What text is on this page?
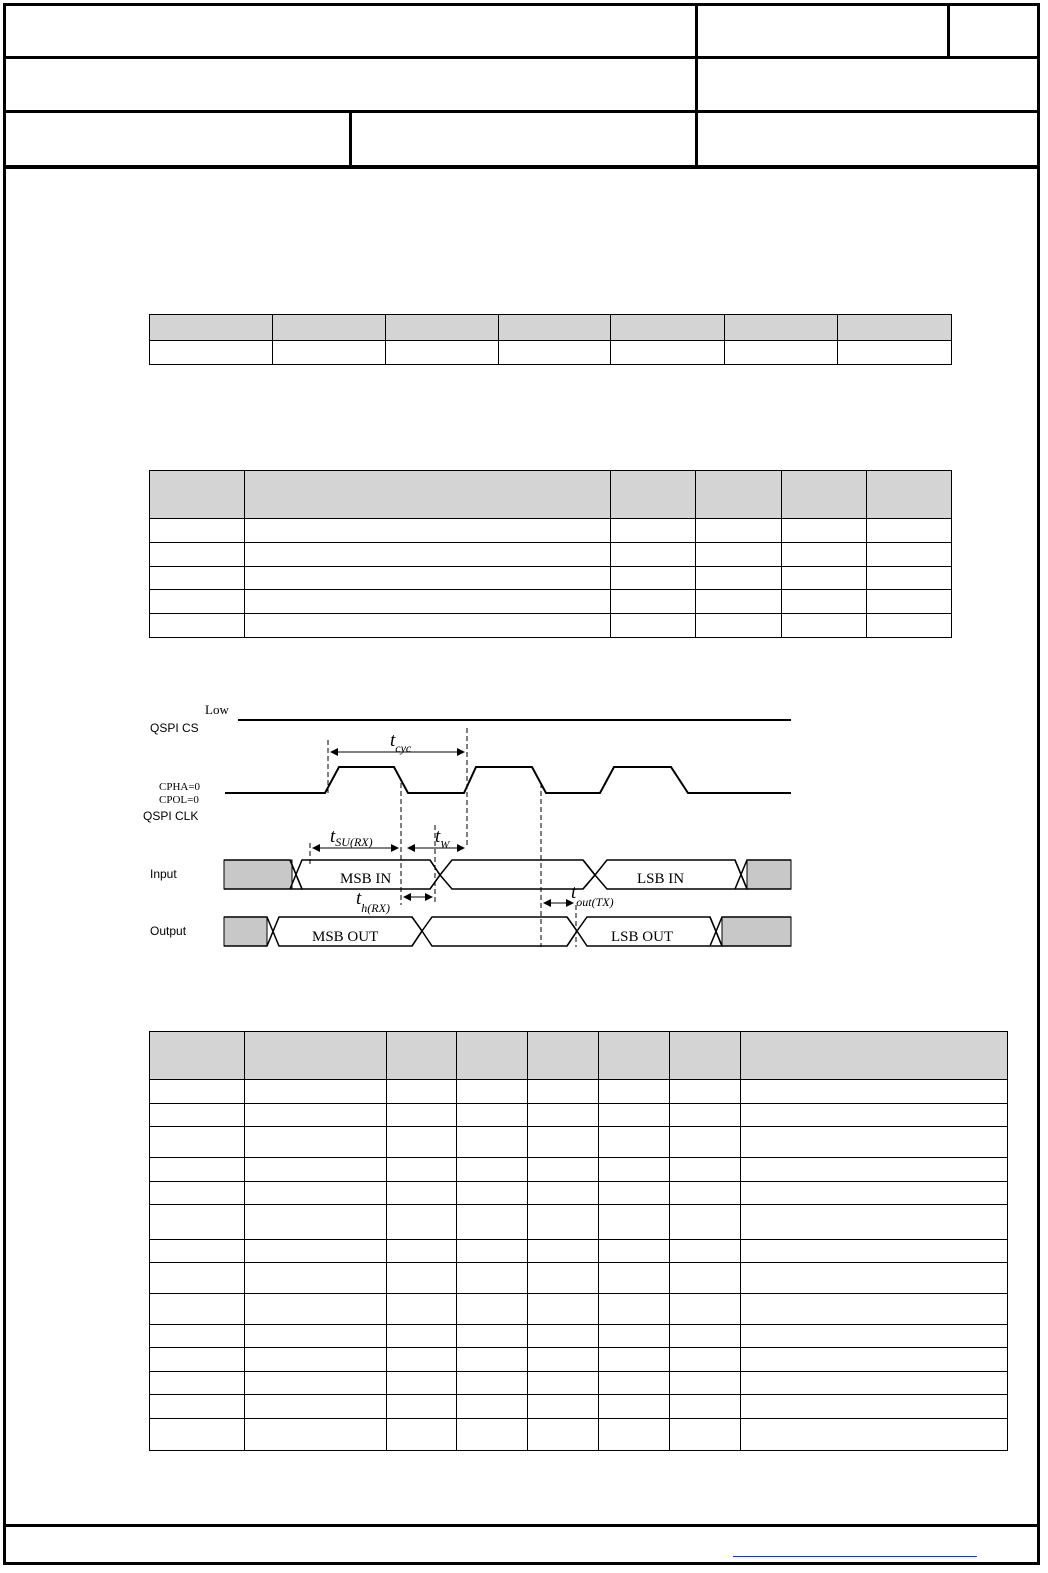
Low
QSPI CS
CPHA=0
CPOL=0
QSPI CLK
$t_{cyc}$
$t_{SU(RX)}$	$t_W$
Input	MSB IN	LSB IN
$t_{h(RX)}$
$t_{out(TX)}$
Output	MSB OUT	LSB OUT
